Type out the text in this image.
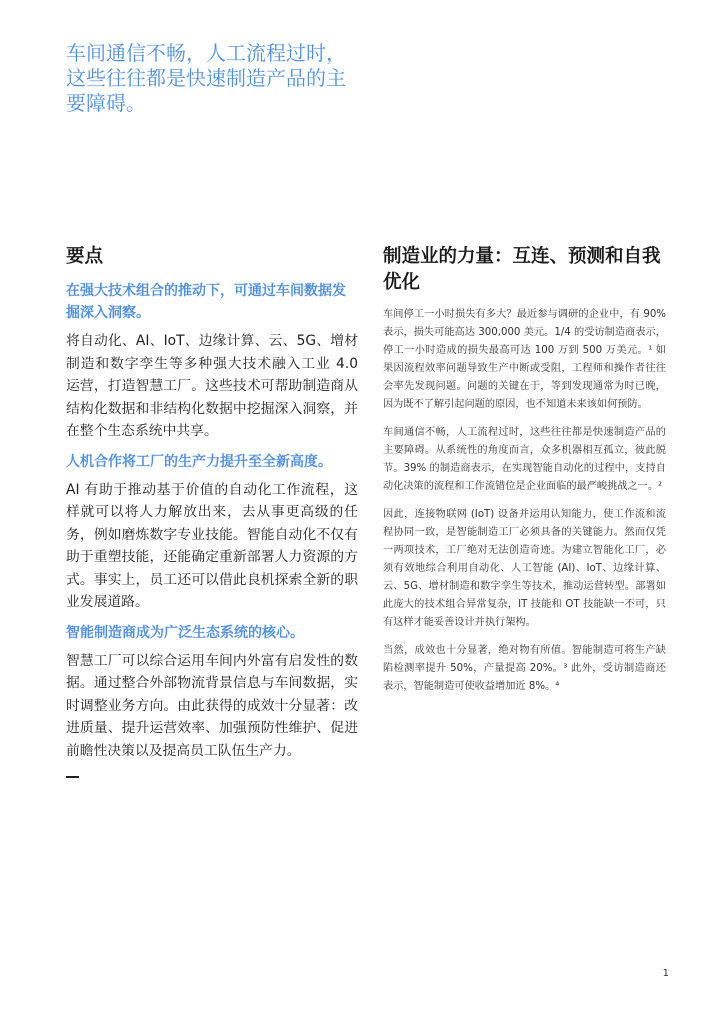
车间通信不畅，人工流程过时，这些往往都是快速制造产品的主要障碍。

要点

在强大技术组合的推动下，可通过车间数据发掘深入洞察。

将自动化、AI、IoT、边缘计算、云、5G、增材制造和数字孪生等多种强大技术融入工业 4.0 运营，打造智慧工厂。这些技术可帮助制造商从结构化数据和非结构化数据中挖掘深入洞察，并在整个生态系统中共享。

人机合作将工厂的生产力提升至全新高度。

AI 有助于推动基于价值的自动化工作流程，这样就可以将人力解放出来，去从事更高级的任务，例如磨炼数字专业技能。智能自动化不仅有助于重塑技能，还能确定重新部署人力资源的方式。事实上，员工还可以借此良机探索全新的职业发展道路。

智能制造商成为广泛生态系统的核心。

智慧工厂可以综合运用车间内外富有启发性的数据。通过整合外部物流背景信息与车间数据，实时调整业务方向。由此获得的成效十分显著：改进质量、提升运营效率、加强预防性维护、促进前瞻性决策以及提高员工队伍生产力。

制造业的力量：互连、预测和自我优化

车间停工一小时损失有多大？最近参与调研的企业中，有 90% 表示，损失可能高达 300,000 美元。1/4 的受访制造商表示，停工一小时造成的损失最高可达 100 万到 500 万美元。¹ 如果因流程效率问题导致生产中断或受阻，工程师和操作者往往会率先发现问题。问题的关键在于，等到发现通常为时已晚，因为既不了解引起问题的原因，也不知道未来该如何预防。

车间通信不畅，人工流程过时，这些往往都是快速制造产品的主要障碍。从系统性的角度而言，众多机器相互孤立，彼此脱节。39% 的制造商表示，在实现智能自动化的过程中，支持自动化决策的流程和工作流错位是企业面临的最严峻挑战之一。²

因此，连接物联网 (IoT) 设备并运用认知能力，使工作流和流程协同一致，是智能制造工厂必须具备的关键能力。然而仅凭一两项技术，工厂绝对无法创造奇迹。为建立智能化工厂，必须有效地综合利用自动化、人工智能 (AI)、IoT、边缘计算、云、5G、增材制造和数字孪生等技术，推动运营转型。部署如此庞大的技术组合异常复杂，IT 技能和 OT 技能缺一不可，只有这样才能妥善设计并执行架构。

当然，成效也十分显著，绝对物有所值。智能制造可将生产缺陷检测率提升 50%，产量提高 20%。³ 此外，受访制造商还表示，智能制造可使收益增加近 8%。⁴

1
